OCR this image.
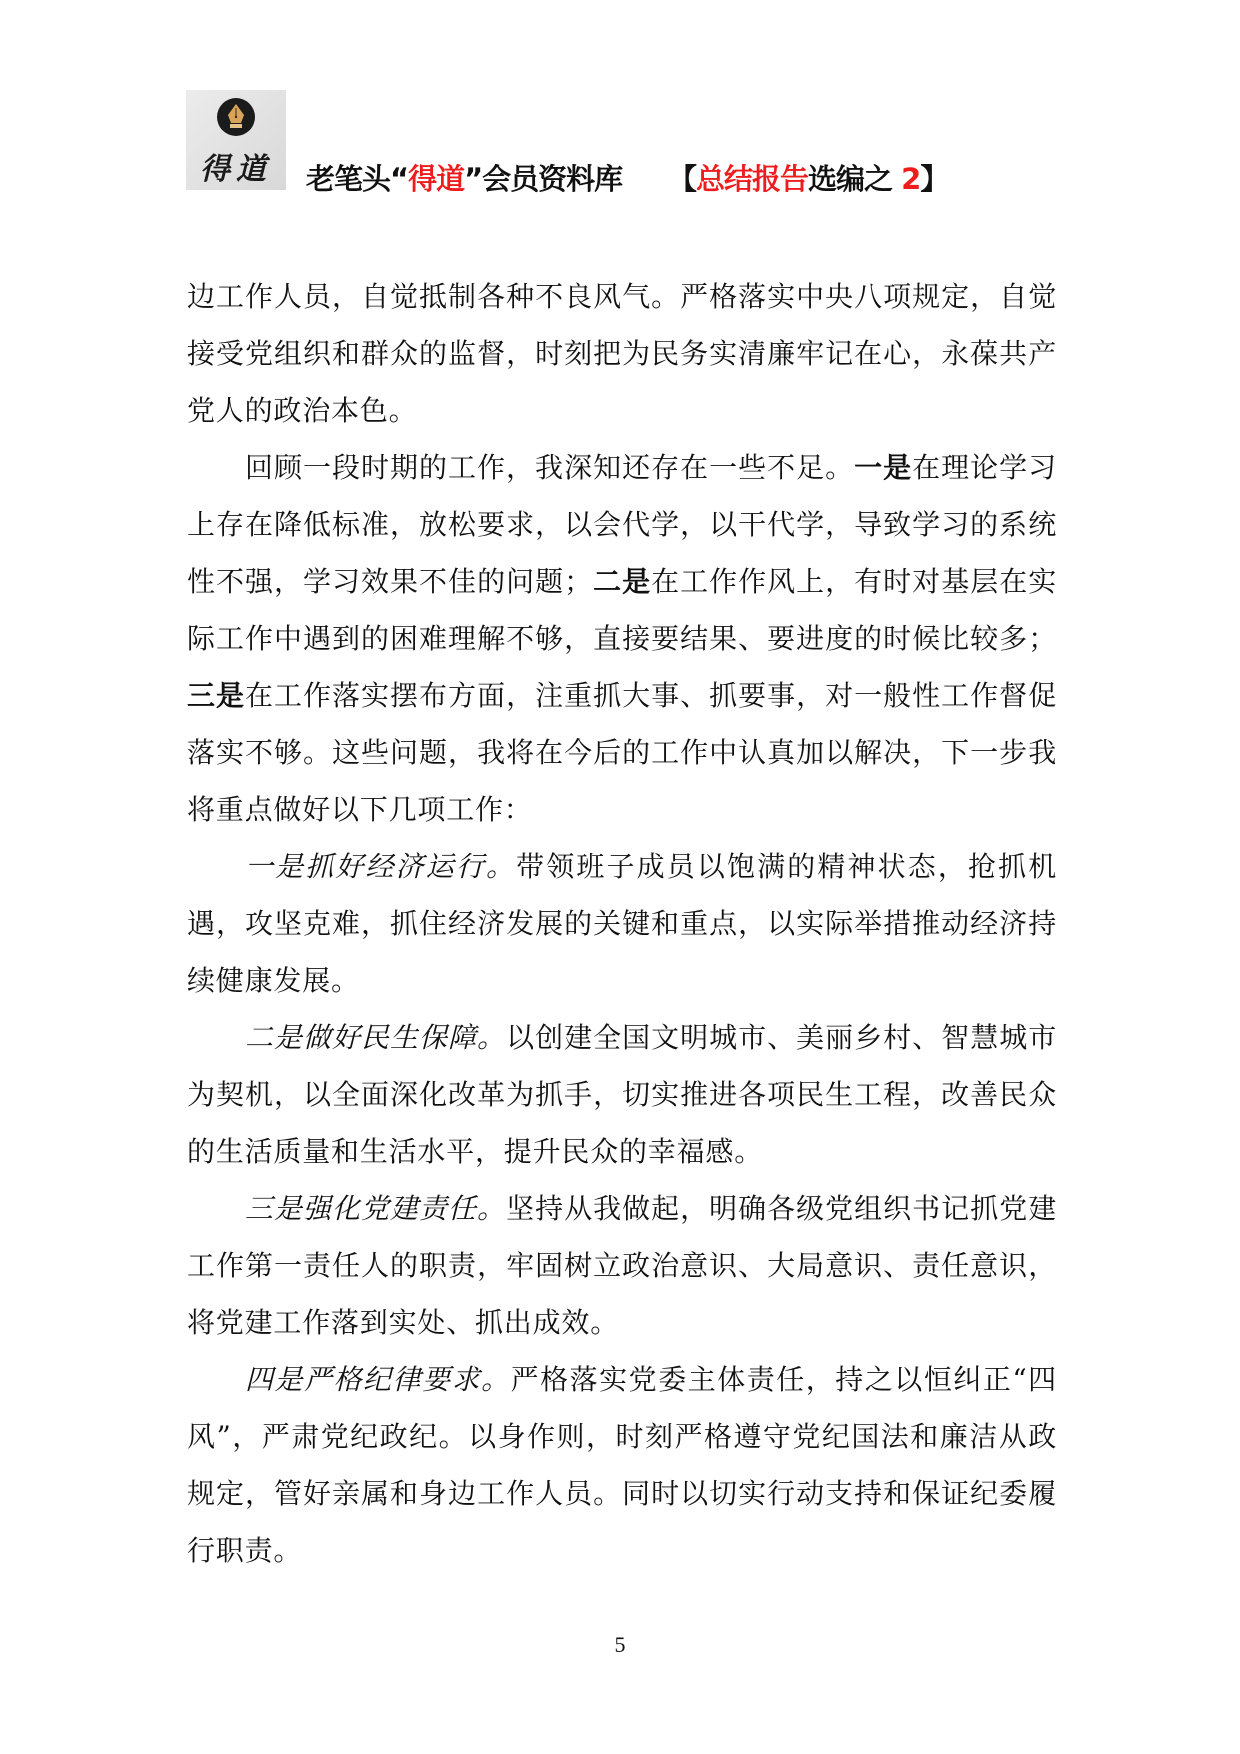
得道	老笔头“得道”会员资料库 【总结报告选编之 2】

边工作人员，自觉抵制各种不良风气。严格落实中央八项规定，自觉接受党组织和群众的监督，时刻把为民务实清廉牢记在心，永葆共产党人的政治本色。

回顾一段时期的工作，我深知还存在一些不足。一是在理论学习上存在降低标准，放松要求，以会代学，以干代学，导致学习的系统性不强，学习效果不佳的问题；二是在工作作风上，有时对基层在实际工作中遇到的困难理解不够，直接要结果、要进度的时候比较多；三是在工作落实摆布方面，注重抓大事、抓要事，对一般性工作督促落实不够。这些问题，我将在今后的工作中认真加以解决，下一步我将重点做好以下几项工作：

一是抓好经济运行。带领班子成员以饱满的精神状态，抢抓机遇，攻坚克难，抓住经济发展的关键和重点，以实际举措推动经济持续健康发展。

二是做好民生保障。以创建全国文明城市、美丽乡村、智慧城市为契机，以全面深化改革为抓手，切实推进各项民生工程，改善民众的生活质量和生活水平，提升民众的幸福感。

三是强化党建责任。坚持从我做起，明确各级党组织书记抓党建工作第一责任人的职责，牢固树立政治意识、大局意识、责任意识，将党建工作落到实处、抓出成效。

四是严格纪律要求。严格落实党委主体责任，持之以恒纠正“四风”，严肃党纪政纪。以身作则，时刻严格遵守党纪国法和廉洁从政规定，管好亲属和身边工作人员。同时以切实行动支持和保证纪委履行职责。

5
